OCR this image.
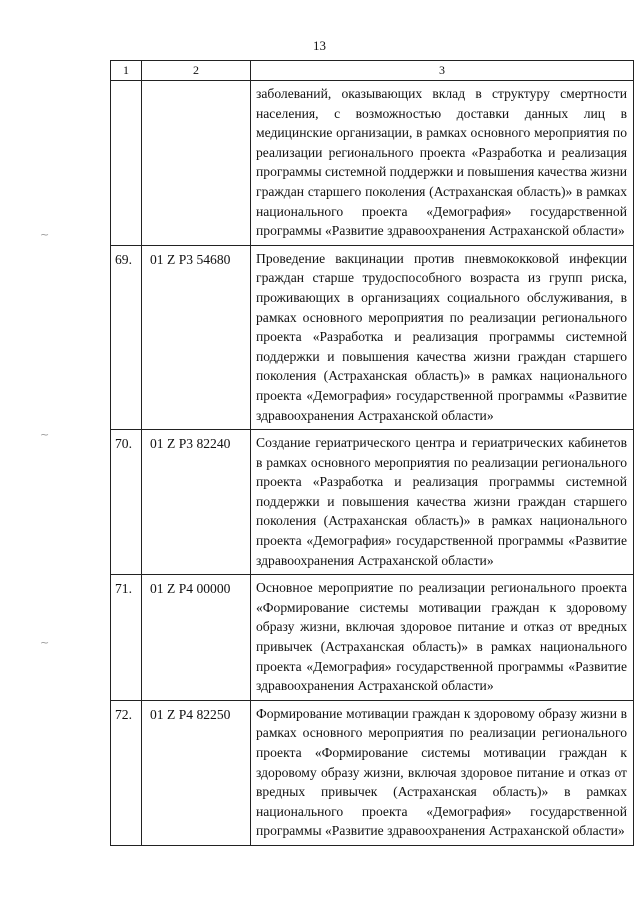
13
~
~
~
1	2	3
		заболеваний, оказывающих вклад в структуру смертности населения, с возможностью доставки данных лиц в медицинские организации, в рамках основного мероприятия по реализации регионального проекта «Разработка и реализация программы системной поддержки и повышения качества жизни граждан старшего поколения (Астраханская область)» в рамках национального проекта «Демография» государственной программы «Развитие здравоохранения Астраханской области»
69.	01 Z P3 54680	Проведение вакцинации против пневмококковой инфекции граждан старше трудоспособного возраста из групп риска, проживающих в организациях социального обслуживания, в рамках основного мероприятия по реализации регионального проекта «Разработка и реализация программы системной поддержки и повышения качества жизни граждан старшего поколения (Астраханская область)» в рамках национального проекта «Демография» государственной программы «Развитие здравоохранения Астраханской области»
70.	01 Z P3 82240	Создание гериатрического центра и гериатрических кабинетов в рамках основного мероприятия по реализации регионального проекта «Разработка и реализация программы системной поддержки и повышения качества жизни граждан старшего поколения (Астраханская область)» в рамках национального проекта «Демография» государственной программы «Развитие здравоохранения Астраханской области»
71.	01 Z P4 00000	Основное мероприятие по реализации регионального проекта «Формирование системы мотивации граждан к здоровому образу жизни, включая здоровое питание и отказ от вредных привычек (Астраханская область)» в рамках национального проекта «Демография» государственной программы «Развитие здравоохранения Астраханской области»
72.	01 Z P4 82250	Формирование мотивации граждан к здоровому образу жизни в рамках основного мероприятия по реализации регионального проекта «Формирование системы мотивации граждан к здоровому образу жизни, включая здоровое питание и отказ от вредных привычек (Астраханская область)» в рамках национального проекта «Демография» государственной программы «Развитие здравоохранения Астраханской области»
